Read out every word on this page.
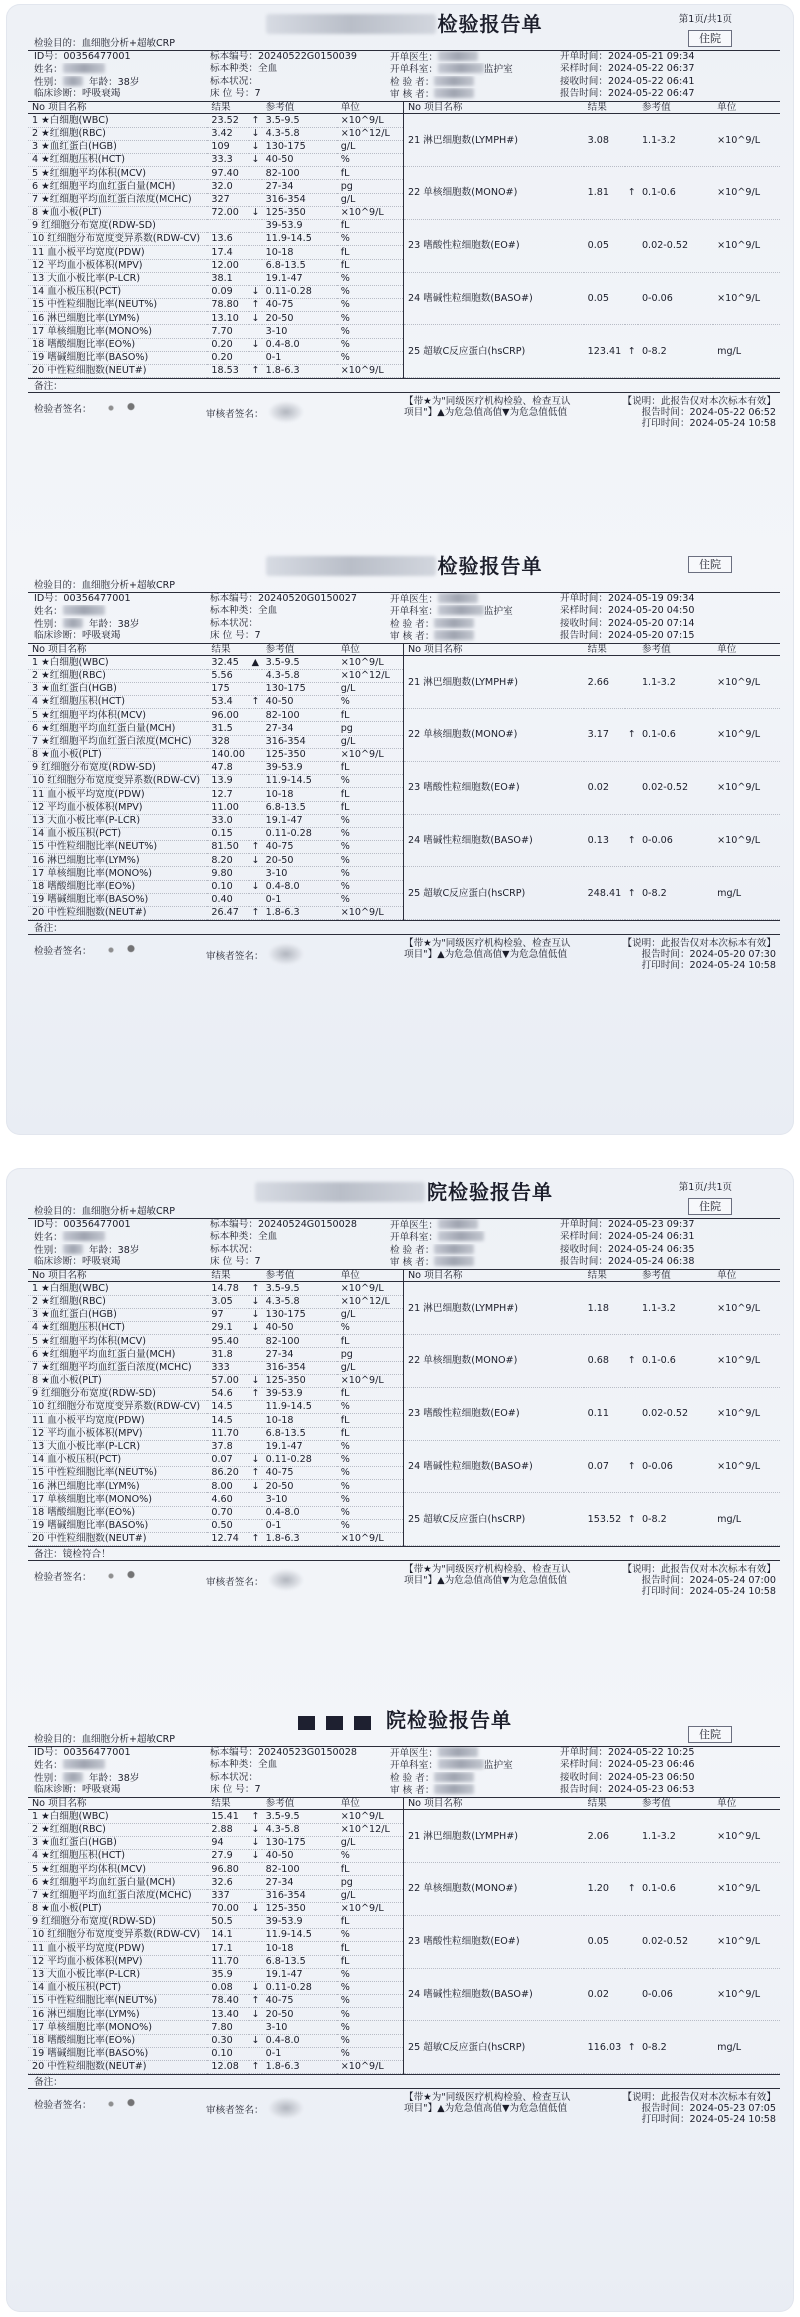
检验报告单	第1页/共1页
住院
检验目的：血细胞分析+超敏CRP
ID号：00356477001	标本编号：20240522G0150039	开单医生：	开单时间：2024-05-21 09:34
姓名：	标本种类：全血	开单科室：	监护室	采样时间：2024-05-22 06:37
性别：	年龄：38岁	标本状况：	检 验 者：	接收时间：2024-05-22 06:41
临床诊断：呼吸衰竭	床 位 号：7	审 核 者：	报告时间：2024-05-22 06:47
No 项目名称	结果		参考值	单位
1 ★白细胞(WBC)	23.52	↑	3.5-9.5	×10^9/L
2 ★红细胞(RBC)	3.42	↓	4.3-5.8	×10^12/L
3 ★血红蛋白(HGB)	109	↓	130-175	g/L
4 ★红细胞压积(HCT)	33.3	↓	40-50	%
5 ★红细胞平均体积(MCV)	97.40		82-100	fL
6 ★红细胞平均血红蛋白量(MCH)	32.0		27-34	pg
7 ★红细胞平均血红蛋白浓度(MCHC)	327		316-354	g/L
8 ★血小板(PLT)	72.00	↓	125-350	×10^9/L
9 红细胞分布宽度(RDW-SD)			39-53.9	fL
10 红细胞分布宽度变异系数(RDW-CV)	13.6		11.9-14.5	%
11 血小板平均宽度(PDW)	17.4		10-18	fL
12 平均血小板体积(MPV)	12.00		6.8-13.5	fL
13 大血小板比率(P-LCR)	38.1		19.1-47	%
14 血小板压积(PCT)	0.09	↓	0.11-0.28	%
15 中性粒细胞比率(NEUT%)	78.80	↑	40-75	%
16 淋巴细胞比率(LYM%)	13.10	↓	20-50	%
17 单核细胞比率(MONO%)	7.70		3-10	%
18 嗜酸细胞比率(EO%)	0.20	↓	0.4-8.0	%
19 嗜碱细胞比率(BASO%)	0.20		0-1	%
20 中性粒细胞数(NEUT#)	18.53	↑	1.8-6.3	×10^9/L
No 项目名称	结果		参考值	单位
21 淋巴细胞数(LYMPH#)	3.08		1.1-3.2	×10^9/L
22 单核细胞数(MONO#)	1.81	↑	0.1-0.6	×10^9/L
23 嗜酸性粒细胞数(EO#)	0.05		0.02-0.52	×10^9/L
24 嗜碱性粒细胞数(BASO#)	0.05		0-0.06	×10^9/L
25 超敏C反应蛋白(hsCRP)	123.41	↑	0-8.2	mg/L
备注：
检验者签名：	审核者签名：
【带★为"同级医疗机构检验、检查互认项目"】▲为危急值高值▼为危急值低值
【说明：此报告仅对本次标本有效】
报告时间：2024-05-22 06:52
打印时间：2024-05-24 10:58
检验报告单	住院
检验目的：血细胞分析+超敏CRP
ID号：00356477001	标本编号：20240520G0150027	开单医生：	开单时间：2024-05-19 09:34
姓名：	标本种类：全血	开单科室：	监护室	采样时间：2024-05-20 04:50
性别：	年龄：38岁	标本状况：	检 验 者：	接收时间：2024-05-20 07:14
临床诊断：呼吸衰竭	床 位 号：7	审 核 者：	报告时间：2024-05-20 07:15
No 项目名称	结果		参考值	单位
1 ★白细胞(WBC)	32.45	▲	3.5-9.5	×10^9/L
2 ★红细胞(RBC)	5.56		4.3-5.8	×10^12/L
3 ★血红蛋白(HGB)	175		130-175	g/L
4 ★红细胞压积(HCT)	53.4	↑	40-50	%
5 ★红细胞平均体积(MCV)	96.00		82-100	fL
6 ★红细胞平均血红蛋白量(MCH)	31.5		27-34	pg
7 ★红细胞平均血红蛋白浓度(MCHC)	328		316-354	g/L
8 ★血小板(PLT)	140.00		125-350	×10^9/L
9 红细胞分布宽度(RDW-SD)	47.8		39-53.9	fL
10 红细胞分布宽度变异系数(RDW-CV)	13.9		11.9-14.5	%
11 血小板平均宽度(PDW)	12.7		10-18	fL
12 平均血小板体积(MPV)	11.00		6.8-13.5	fL
13 大血小板比率(P-LCR)	33.0		19.1-47	%
14 血小板压积(PCT)	0.15		0.11-0.28	%
15 中性粒细胞比率(NEUT%)	81.50	↑	40-75	%
16 淋巴细胞比率(LYM%)	8.20	↓	20-50	%
17 单核细胞比率(MONO%)	9.80		3-10	%
18 嗜酸细胞比率(EO%)	0.10	↓	0.4-8.0	%
19 嗜碱细胞比率(BASO%)	0.40		0-1	%
20 中性粒细胞数(NEUT#)	26.47	↑	1.8-6.3	×10^9/L
No 项目名称	结果		参考值	单位
21 淋巴细胞数(LYMPH#)	2.66		1.1-3.2	×10^9/L
22 单核细胞数(MONO#)	3.17	↑	0.1-0.6	×10^9/L
23 嗜酸性粒细胞数(EO#)	0.02		0.02-0.52	×10^9/L
24 嗜碱性粒细胞数(BASO#)	0.13	↑	0-0.06	×10^9/L
25 超敏C反应蛋白(hsCRP)	248.41	↑	0-8.2	mg/L
备注：
检验者签名：	审核者签名：
【带★为"同级医疗机构检验、检查互认项目"】▲为危急值高值▼为危急值低值
【说明：此报告仅对本次标本有效】
报告时间：2024-05-20 07:30
打印时间：2024-05-24 10:58
院检验报告单	第1页/共1页
住院
检验目的：血细胞分析+超敏CRP
ID号：00356477001	标本编号：20240524G0150028	开单医生：	开单时间：2024-05-23 09:37
姓名：	标本种类：全血	开单科室：	采样时间：2024-05-24 06:31
性别：	年龄：38岁	标本状况：	检 验 者：	接收时间：2024-05-24 06:35
临床诊断：呼吸衰竭	床 位 号：7	审 核 者：	报告时间：2024-05-24 06:38
No 项目名称	结果		参考值	单位
1 ★白细胞(WBC)	14.78	↑	3.5-9.5	×10^9/L
2 ★红细胞(RBC)	3.05	↓	4.3-5.8	×10^12/L
3 ★血红蛋白(HGB)	97	↓	130-175	g/L
4 ★红细胞压积(HCT)	29.1	↓	40-50	%
5 ★红细胞平均体积(MCV)	95.40		82-100	fL
6 ★红细胞平均血红蛋白量(MCH)	31.8		27-34	pg
7 ★红细胞平均血红蛋白浓度(MCHC)	333		316-354	g/L
8 ★血小板(PLT)	57.00	↓	125-350	×10^9/L
9 红细胞分布宽度(RDW-SD)	54.6	↑	39-53.9	fL
10 红细胞分布宽度变异系数(RDW-CV)	14.5		11.9-14.5	%
11 血小板平均宽度(PDW)	14.5		10-18	fL
12 平均血小板体积(MPV)	11.70		6.8-13.5	fL
13 大血小板比率(P-LCR)	37.8		19.1-47	%
14 血小板压积(PCT)	0.07	↓	0.11-0.28	%
15 中性粒细胞比率(NEUT%)	86.20	↑	40-75	%
16 淋巴细胞比率(LYM%)	8.00	↓	20-50	%
17 单核细胞比率(MONO%)	4.60		3-10	%
18 嗜酸细胞比率(EO%)	0.70		0.4-8.0	%
19 嗜碱细胞比率(BASO%)	0.50		0-1	%
20 中性粒细胞数(NEUT#)	12.74	↑	1.8-6.3	×10^9/L
No 项目名称	结果		参考值	单位
21 淋巴细胞数(LYMPH#)	1.18		1.1-3.2	×10^9/L
22 单核细胞数(MONO#)	0.68	↑	0.1-0.6	×10^9/L
23 嗜酸性粒细胞数(EO#)	0.11		0.02-0.52	×10^9/L
24 嗜碱性粒细胞数(BASO#)	0.07	↑	0-0.06	×10^9/L
25 超敏C反应蛋白(hsCRP)	153.52	↑	0-8.2	mg/L
备注：镜检符合！
检验者签名：	审核者签名：
【带★为"同级医疗机构检验、检查互认项目"】▲为危急值高值▼为危急值低值
【说明：此报告仅对本次标本有效】
报告时间：2024-05-24 07:00
打印时间：2024-05-24 10:58
院检验报告单
住院
检验目的：血细胞分析+超敏CRP
ID号：00356477001	标本编号：20240523G0150028	开单医生：	开单时间：2024-05-22 10:25
姓名：	标本种类：全血	开单科室：	监护室	采样时间：2024-05-23 06:46
性别：	年龄：38岁	标本状况：	检 验 者：	接收时间：2024-05-23 06:50
临床诊断：呼吸衰竭	床 位 号：7	审 核 者：	报告时间：2024-05-23 06:53
No 项目名称	结果		参考值	单位
1 ★白细胞(WBC)	15.41	↑	3.5-9.5	×10^9/L
2 ★红细胞(RBC)	2.88	↓	4.3-5.8	×10^12/L
3 ★血红蛋白(HGB)	94	↓	130-175	g/L
4 ★红细胞压积(HCT)	27.9	↓	40-50	%
5 ★红细胞平均体积(MCV)	96.80		82-100	fL
6 ★红细胞平均血红蛋白量(MCH)	32.6		27-34	pg
7 ★红细胞平均血红蛋白浓度(MCHC)	337		316-354	g/L
8 ★血小板(PLT)	70.00	↓	125-350	×10^9/L
9 红细胞分布宽度(RDW-SD)	50.5		39-53.9	fL
10 红细胞分布宽度变异系数(RDW-CV)	14.1		11.9-14.5	%
11 血小板平均宽度(PDW)	17.1		10-18	fL
12 平均血小板体积(MPV)	11.70		6.8-13.5	fL
13 大血小板比率(P-LCR)	35.9		19.1-47	%
14 血小板压积(PCT)	0.08	↓	0.11-0.28	%
15 中性粒细胞比率(NEUT%)	78.40	↑	40-75	%
16 淋巴细胞比率(LYM%)	13.40	↓	20-50	%
17 单核细胞比率(MONO%)	7.80		3-10	%
18 嗜酸细胞比率(EO%)	0.30	↓	0.4-8.0	%
19 嗜碱细胞比率(BASO%)	0.10		0-1	%
20 中性粒细胞数(NEUT#)	12.08	↑	1.8-6.3	×10^9/L
No 项目名称	结果		参考值	单位
21 淋巴细胞数(LYMPH#)	2.06		1.1-3.2	×10^9/L
22 单核细胞数(MONO#)	1.20	↑	0.1-0.6	×10^9/L
23 嗜酸性粒细胞数(EO#)	0.05		0.02-0.52	×10^9/L
24 嗜碱性粒细胞数(BASO#)	0.02		0-0.06	×10^9/L
25 超敏C反应蛋白(hsCRP)	116.03	↑	0-8.2	mg/L
备注：
检验者签名：	审核者签名：
【带★为"同级医疗机构检验、检查互认项目"】▲为危急值高值▼为危急值低值
【说明：此报告仅对本次标本有效】
报告时间：2024-05-23 07:05
打印时间：2024-05-24 10:58
